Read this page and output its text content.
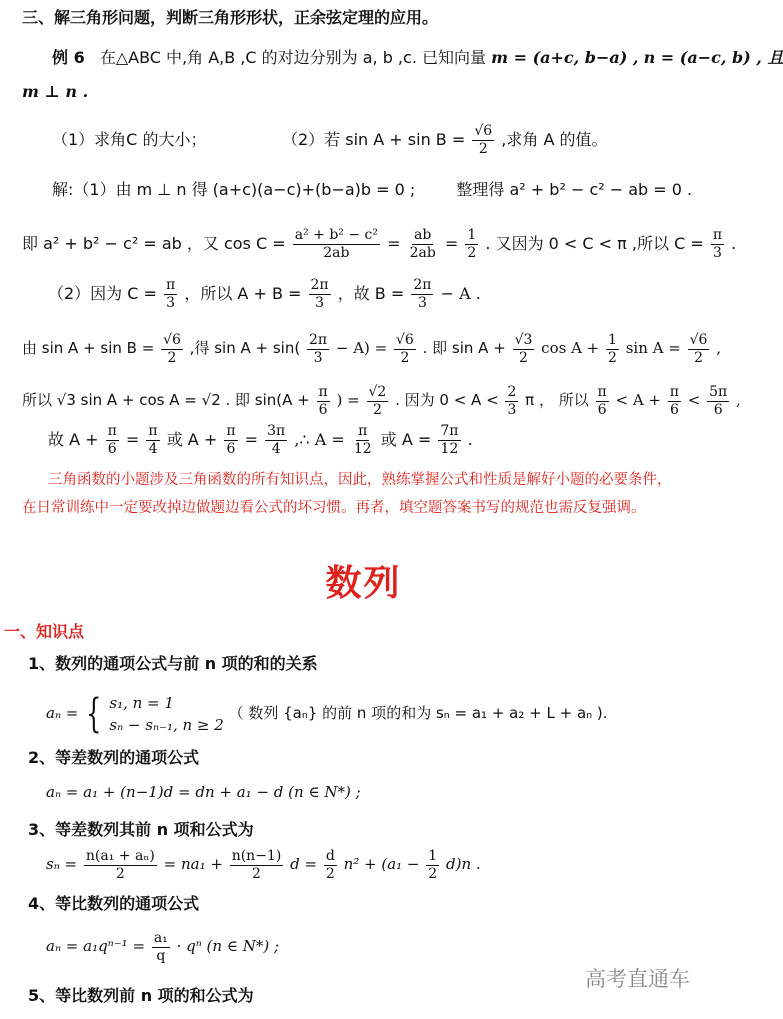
三、解三角形问题，判断三角形形状，正余弦定理的应用。
例 6 在△ABC 中,角 A,B ,C 的对边分别为 a, b ,c. 已知向量 m = (a+c, b−a) , n = (a−c, b) , 且
m ⊥ n .
（1）求角C 的大小；	（2）若 $\sin A + \sin B = \frac{√6}{2}$ ,求角 A 的值。
解:（1）由 m ⊥ n 得 (a+c)(a−c)+(b−a)b = 0 ;	整理得 a² + b² − c² − ab = 0 .
即 a² + b² − c² = ab ，又 $\cos C = \frac{\text{a² + b² − c²}}{2ab} = \frac{ab}{2ab} = \frac{1}{2}$ . 又因为 0 < C < π ,所以 $C = \frac{\pi}{3}$ .
（2）因为 $C = \frac{\pi}{3}$ ，所以 $A + B = \frac{2\pi}{3}$ ，故 $B = \frac{2\pi}{3} - A$ .
由 $\sin A + \sin B = \frac{√6}{2}$ ,得 $\sin A + \sin( \frac{2\pi}{3} - A) = \frac{√6}{2}$ . 即 $\sin A + \frac{√3}{2}$ $\cos A + \frac{1}{2}$ $\sin A = \frac{√6}{2}$ ,
所以 √3 sin A + cos A = √2 . 即 $\sin(A + \frac{\pi}{6}$ ) = $\frac{√2}{2}$ . 因为 $0 < A < \frac{2}{3}$ π ， 所以 $\frac{\pi}{6} < A + \frac{\pi}{6} < \frac{5\pi}{6}$ ,
故 $A + \frac{\pi}{6} = \frac{\pi}{4}$ 或 $A + \frac{\pi}{6} = \frac{3\pi}{4}$ ,∴ $A = \frac{\pi}{12}$ 或 $A = \frac{7\pi}{12}$ .
三角函数的小题涉及三角函数的所有知识点，因此，熟练掌握公式和性质是解好小题的必要条件，
在日常训练中一定要改掉边做题边看公式的坏习惯。再者，填空题答案书写的规范也需反复强调。
数列
一、知识点
1、数列的通项公式与前 n 项的和的关系
aₙ = { s₁, n = 1
sₙ − sₙ₋₁, n ≥ 2
（ 数列 {aₙ} 的前 n 项的和为 sₙ = a₁ + a₂ + L + aₙ ).
2、等差数列的通项公式
aₙ = a₁ + (n−1)d = dn + a₁ − d (n ∈ N*) ;
3、等差数列其前 n 项和公式为
$s_n = \frac{\text{n(a₁ + aₙ)}}{2} = na_1 + \frac{n(n-1)}{2}$ $d = \frac{d}{2} n^2 + (a_1 - \frac{1}{2} d)n$ .
4、等比数列的通项公式
$a_n = a_1q^{n-1} = \frac{\text{a₁}}{q} \cdot q^n$ (n ∈ N*) ;
5、等比数列前 n 项的和公式为
高考直通车
